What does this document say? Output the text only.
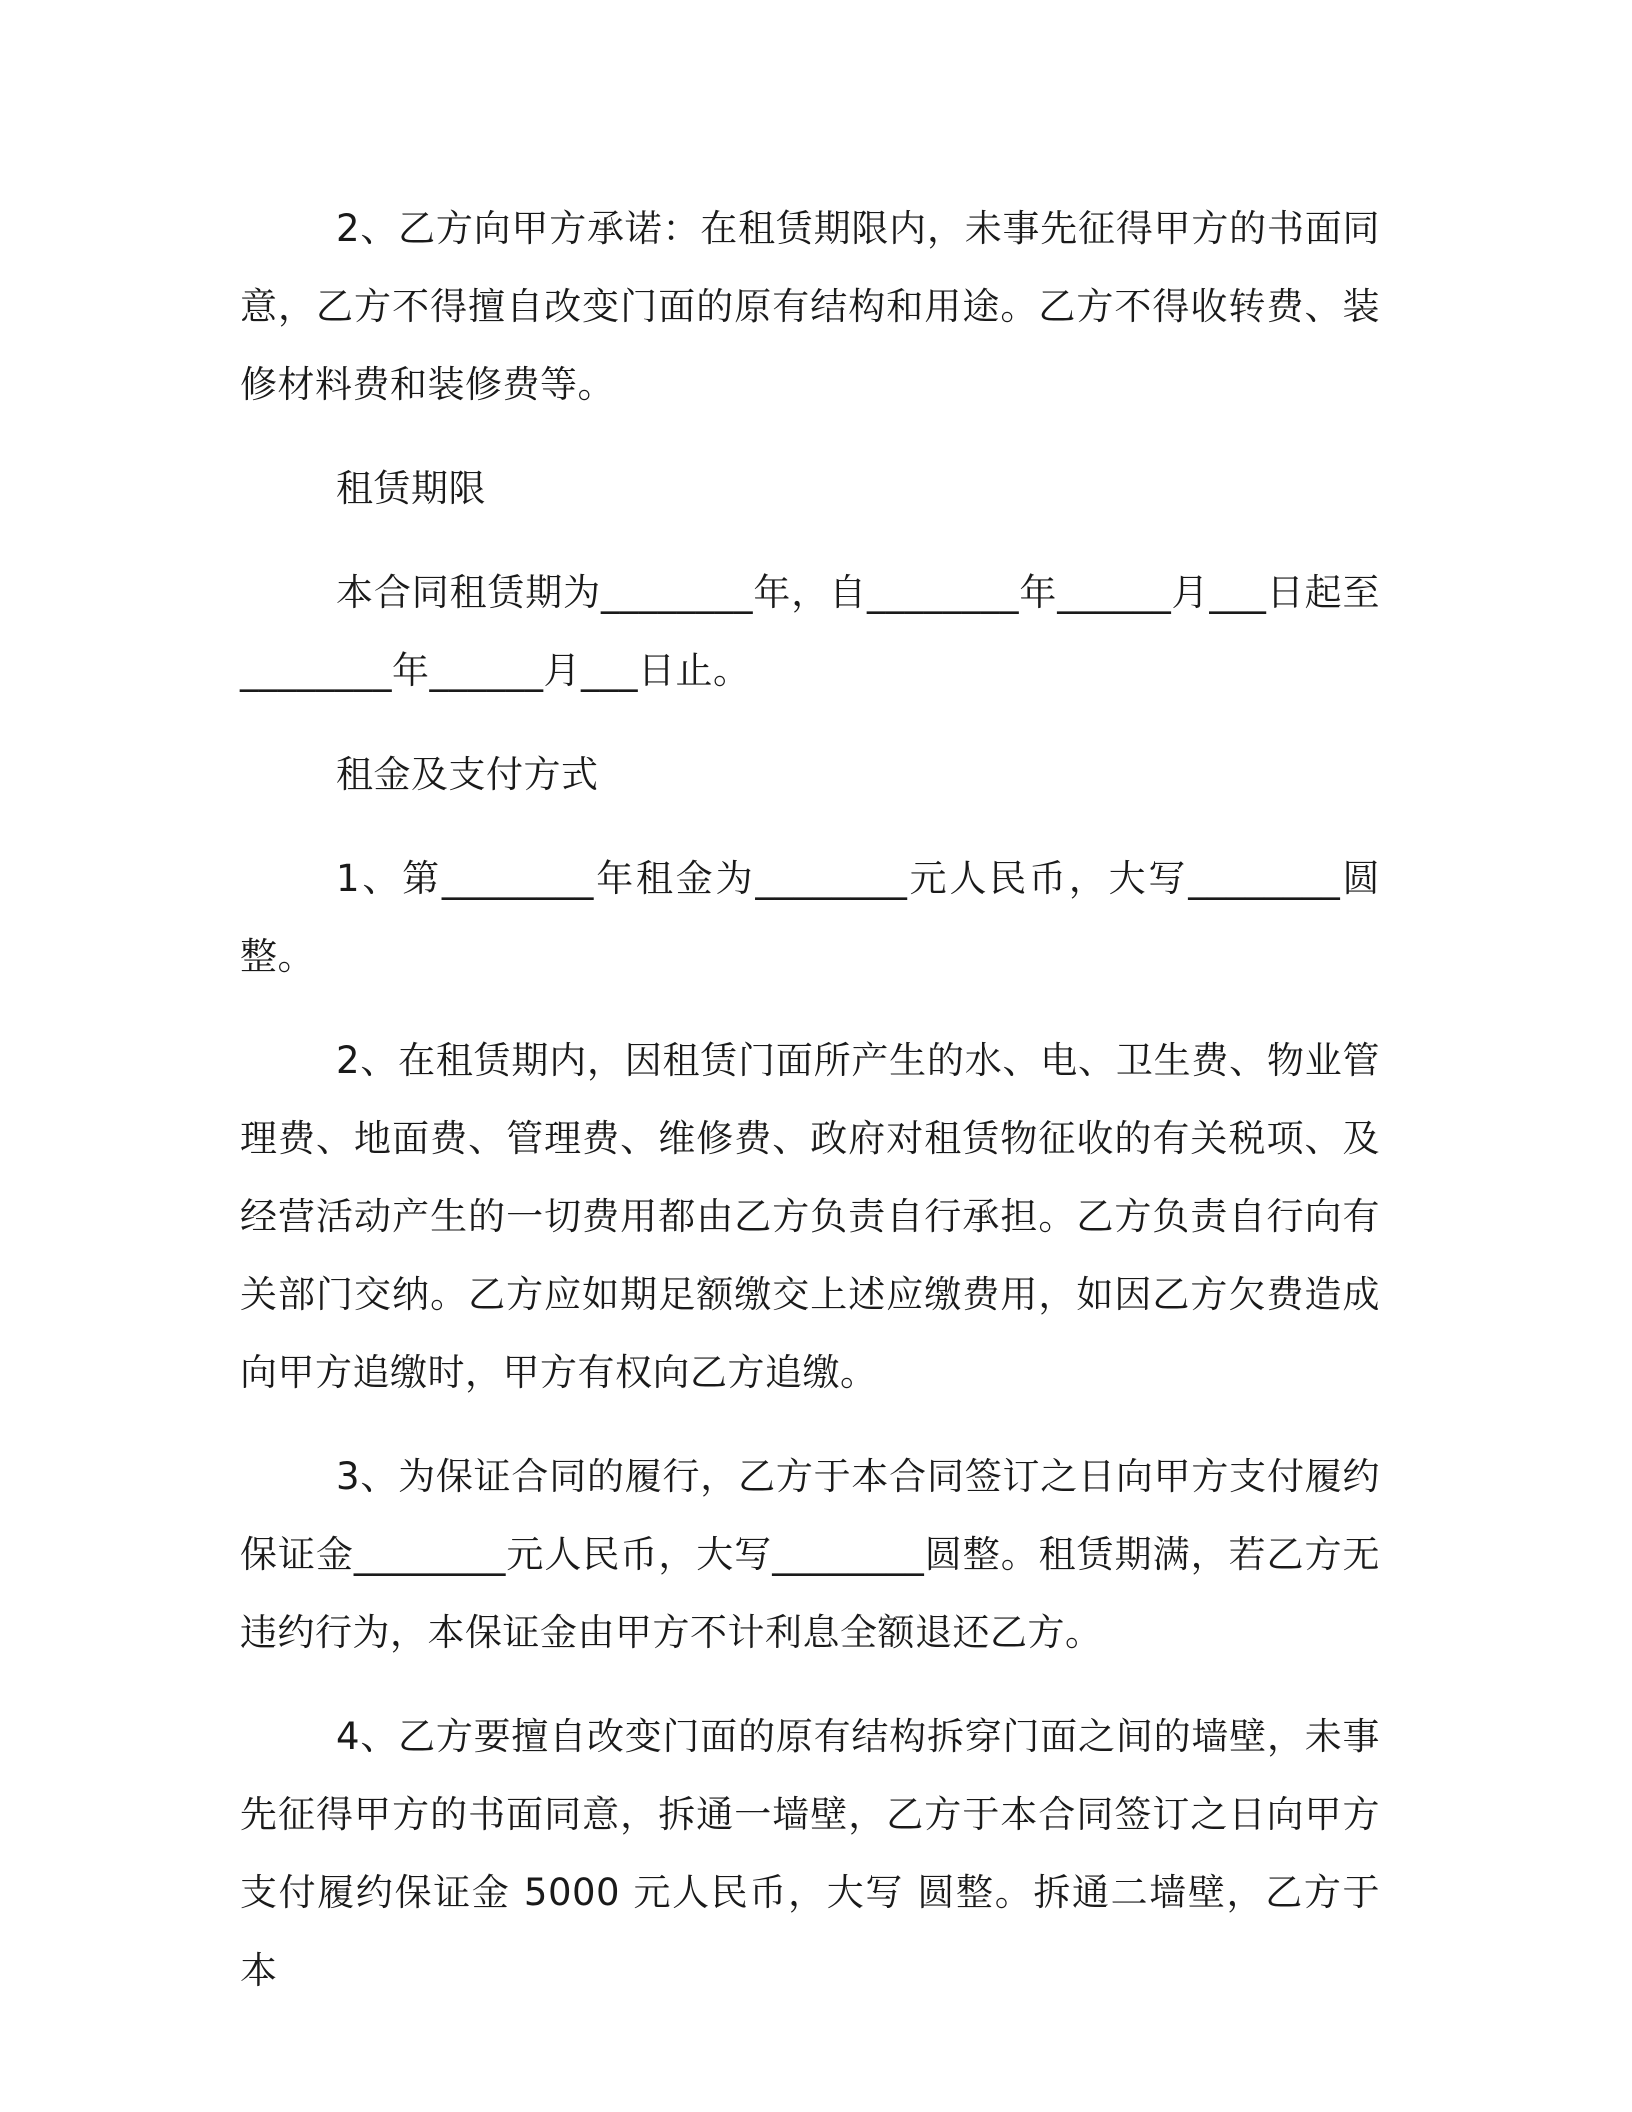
2、乙方向甲方承诺：在租赁期限内，未事先征得甲方的书面同意，乙方不得擅自改变门面的原有结构和用途。乙方不得收转费、装修材料费和装修费等。

租赁期限

本合同租赁期为________年，自________年______月___日起至________年______月___日止。

租金及支付方式

1、第________年租金为________元人民币，大写________圆整。

2、在租赁期内，因租赁门面所产生的水、电、卫生费、物业管理费、地面费、管理费、维修费、政府对租赁物征收的有关税项、及经营活动产生的一切费用都由乙方负责自行承担。乙方负责自行向有关部门交纳。乙方应如期足额缴交上述应缴费用，如因乙方欠费造成向甲方追缴时，甲方有权向乙方追缴。

3、为保证合同的履行，乙方于本合同签订之日向甲方支付履约保证金________元人民币，大写________圆整。租赁期满，若乙方无违约行为，本保证金由甲方不计利息全额退还乙方。

4、乙方要擅自改变门面的原有结构拆穿门面之间的墙壁，未事先征得甲方的书面同意，拆通一墙壁，乙方于本合同签订之日向甲方支付履约保证金 5000 元人民币，大写 圆整。拆通二墙壁，乙方于本
